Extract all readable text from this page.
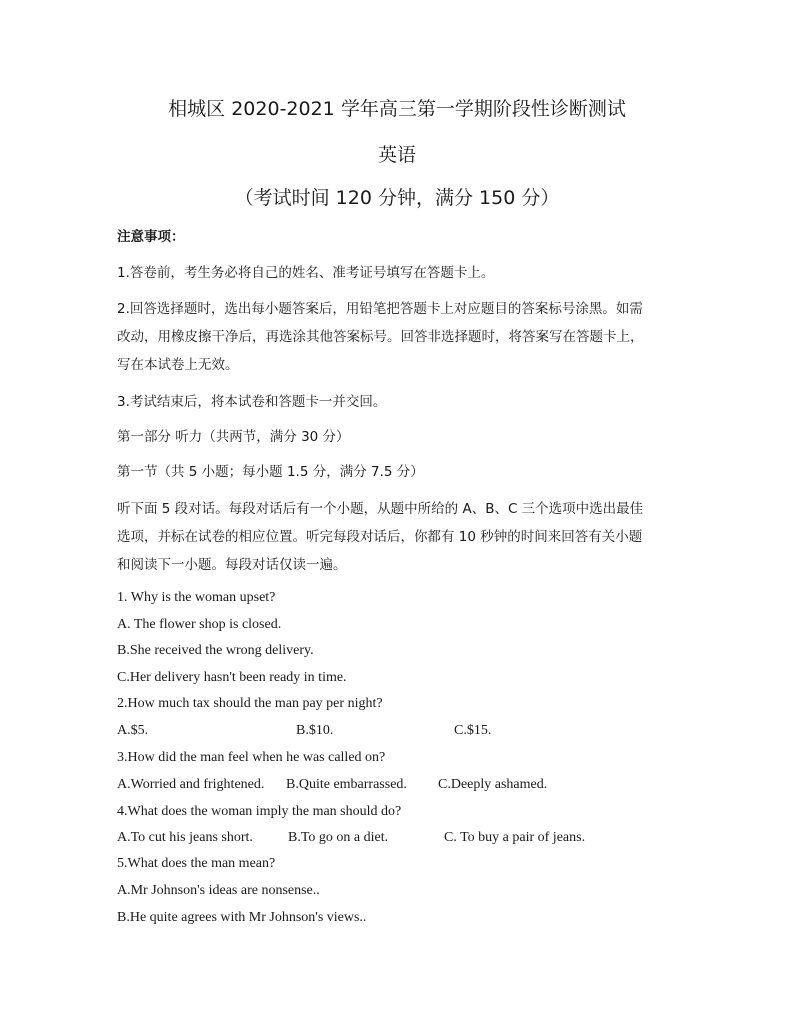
相城区 2020-2021 学年高三第一学期阶段性诊断测试
英语
（考试时间 120 分钟，满分 150 分）
注意事项：
1.答卷前，考生务必将自己的姓名、准考证号填写在答题卡上。
2.回答选择题时，选出每小题答案后，用铅笔把答题卡上对应题目的答案标号涂黑。如需
改动，用橡皮擦干净后，再选涂其他答案标号。回答非选择题时，将答案写在答题卡上，
写在本试卷上无效。
3.考试结束后，将本试卷和答题卡一并交回。
第一部分 听力（共两节，满分 30 分）
第一节（共 5 小题；每小题 1.5 分，满分 7.5 分）
听下面 5 段对话。每段对话后有一个小题，从题中所给的 A、B、C 三个选项中选出最佳
选项，并标在试卷的相应位置。听完每段对话后，你都有 10 秒钟的时间来回答有关小题
和阅读下一小题。每段对话仅读一遍。
1. Why is the woman upset?
A. The flower shop is closed.
B.She received the wrong delivery.
C.Her delivery hasn't been ready in time.
2.How much tax should the man pay per night?
A.$5.	B.$10.	C.$15.
3.How did the man feel when he was called on?
A.Worried and frightened. B.Quite embarrassed. C.Deeply ashamed.
4.What does the woman imply the man should do?
A.To cut his jeans short.	B.To go on a diet.	C. To buy a pair of jeans.
5.What does the man mean?
A.Mr Johnson's ideas are nonsense..
B.He quite agrees with Mr Johnson's views..
